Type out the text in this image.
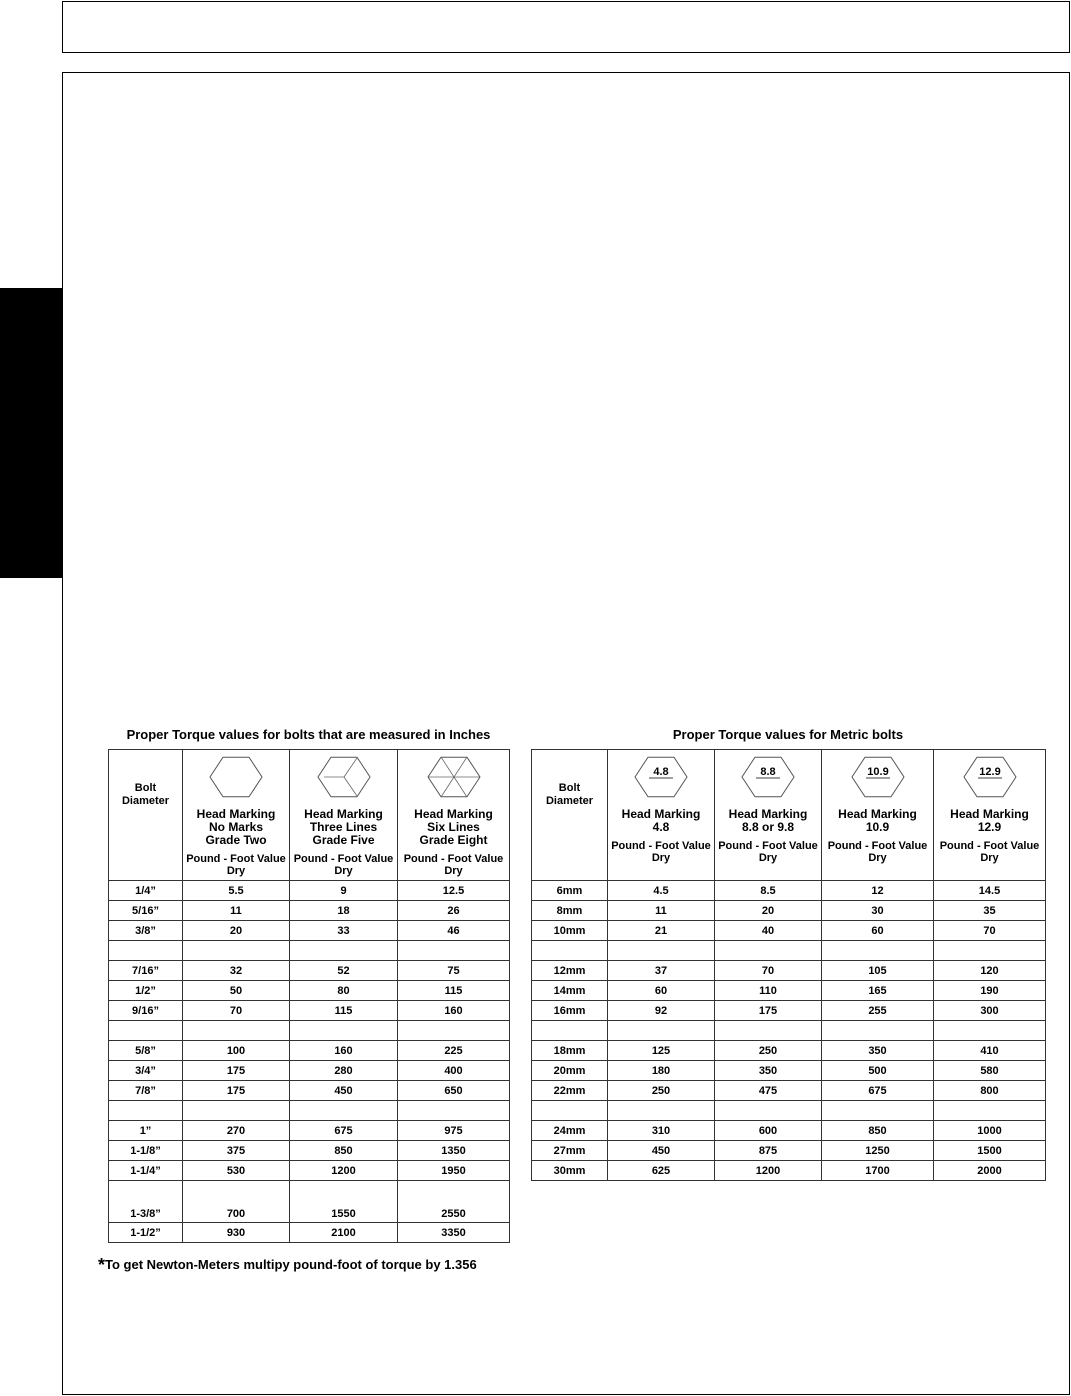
Proper Torque values for bolts that are measured in Inches	Proper Torque values for Metric bolts
Bolt
Diameter	Head Marking
No Marks
Grade Two
Pound - Foot Value
Dry	Head Marking
Three Lines
Grade Five
Pound - Foot Value
Dry	Head Marking
Six Lines
Grade Eight
Pound - Foot Value
Dry

1/4”	5.5	9	12.5
5/16”	11	18	26
3/8”	20	33	46

7/16”	32	52	75
1/2”	50	80	115
9/16”	70	115	160

5/8”	100	160	225
3/4”	175	280	400
7/8”	175	450	650

1”	270	675	975
1-1/8”	375	850	1350
1-1/4”	530	1200	1950
1-3/8”	700	1550	2550
1-1/2”	930	2100	3350
Bolt
Diameter	4.8
Head Marking
4.8
Pound - Foot Value
Dry	8.8
Head Marking
8.8 or 9.8
Pound - Foot Value
Dry	10.9
Head Marking
10.9
Pound - Foot Value
Dry	12.9
Head Marking
12.9
Pound - Foot Value
Dry

6mm	4.5	8.5	12	14.5
8mm	11	20	30	35
10mm	21	40	60	70

12mm	37	70	105	120
14mm	60	110	165	190
16mm	92	175	255	300

18mm	125	250	350	410
20mm	180	350	500	580
22mm	250	475	675	800

24mm	310	600	850	1000
27mm	450	875	1250	1500
30mm	625	1200	1700	2000
*To get Newton-Meters multipy pound-foot of torque by 1.356
